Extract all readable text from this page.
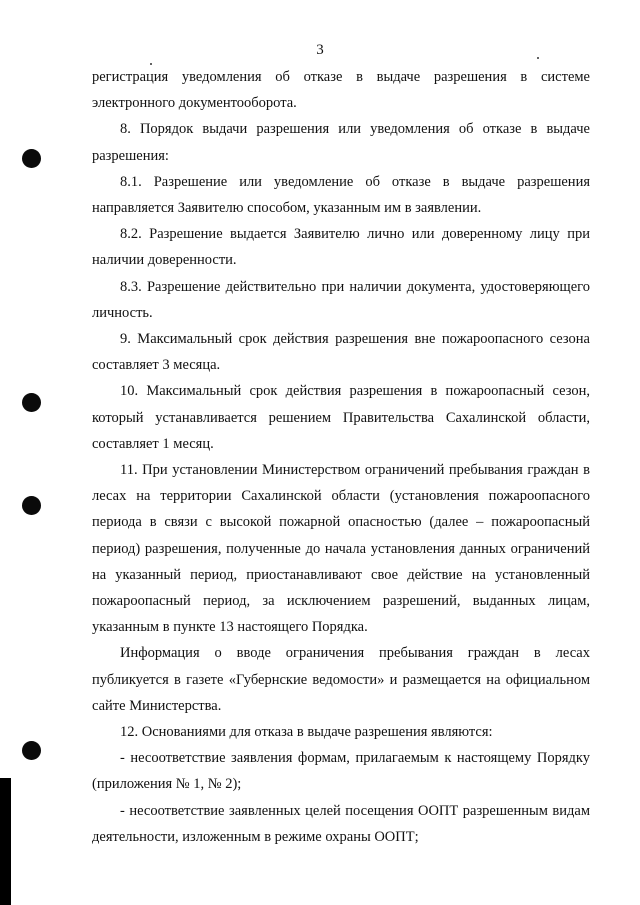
3

регистрация уведомления об отказе в выдаче разрешения в системе электронного документооборота.

8. Порядок выдачи разрешения или уведомления об отказе в выдаче разрешения:

8.1. Разрешение или уведомление об отказе в выдаче разрешения направляется Заявителю способом, указанным им в заявлении.

8.2. Разрешение выдается Заявителю лично или доверенному лицу при наличии доверенности.

8.3. Разрешение действительно при наличии документа, удостоверяющего личность.

9. Максимальный срок действия разрешения вне пожароопасного сезона составляет 3 месяца.

10. Максимальный срок действия разрешения в пожароопасный сезон, который устанавливается решением Правительства Сахалинской области, составляет 1 месяц.

11. При установлении Министерством ограничений пребывания граждан в лесах на территории Сахалинской области (установления пожароопасного периода в связи с высокой пожарной опасностью (далее – пожароопасный период) разрешения, полученные до начала установления данных ограничений на указанный период, приостанавливают свое действие на установленный пожароопасный период, за исключением разрешений, выданных лицам, указанным в пункте 13 настоящего Порядка.

Информация о вводе ограничения пребывания граждан в лесах публикуется в газете «Губернские ведомости» и размещается на официальном сайте Министерства.

12. Основаниями для отказа в выдаче разрешения являются:

- несоответствие заявления формам, прилагаемым к настоящему Порядку (приложения № 1, № 2);

- несоответствие заявленных целей посещения ООПТ разрешенным видам деятельности, изложенным в режиме охраны ООПТ;
